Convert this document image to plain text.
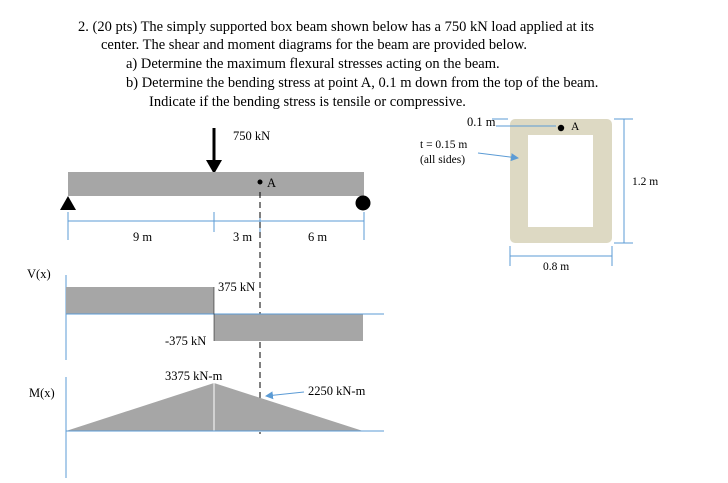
2. (20 pts) The simply supported box beam shown below has a 750 kN load applied at its
center. The shear and moment diagrams for the beam are provided below.
a) Determine the maximum flexural stresses acting on the beam.
b) Determine the bending stress at point A, 0.1 m down from the top of the beam.
Indicate if the bending stress is tensile or compressive.
750 kN
A
9 m	3 m	6 m
V(x)
375 kN
-375 kN
M(x)
3375 kN-m
2250 kN-m
0.1 m	A
t = 0.15 m
(all sides)
1.2 m
0.8 m
